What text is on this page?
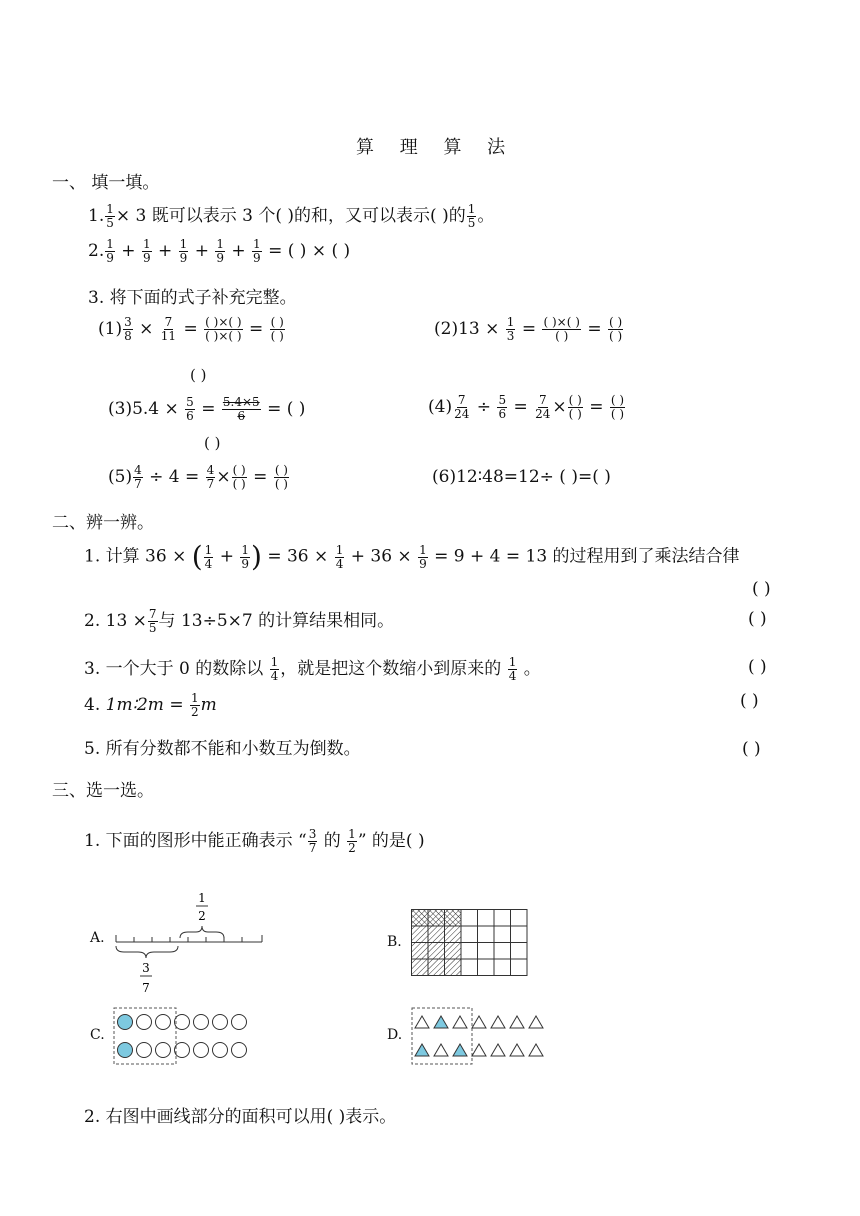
算 理 算 法
一、 填一填。
1. $\frac{1}{5} \times 3$ 既可以表示 3 个( )的和，又可以表示( )的 $\frac{1}{5}$ 。
2. $\frac{1}{9} + \frac{1}{9} + \frac{1}{9} + \frac{1}{9} + \frac{1}{9}$ = ( ) × ( )
3. 将下面的式子补充完整。
$(1) \frac{3}{8} \times \frac{7}{11} = \frac{( )\times( )}{( )\times( )} = \frac{( )}{( )}$	$(2)13 \times \frac{1}{3} = \frac{( )\times( )}{( )} = \frac{( )}{( )}$
( )
$(3)5.4 \times \frac{5}{6} = \frac{5.4\times 5}{6}$ = ( )
( )
$(4) \frac{7}{24} \div \frac{5}{6} = \frac{7}{24} \times \frac{( )}{( )} = \frac{( )}{( )}$
$(5) \frac{4}{7} \div 4 = \frac{4}{7} \times \frac{( )}{( )} = \frac{( )}{( )}$	(6)12∶48=12÷ ( )=( )
二、辨一辨。
1. 计算 36 × ( $\frac{1}{4} + \frac{1}{9}$ ) = $36 \times \frac{1}{4} + 36 \times \frac{1}{9} = 9 + 4 = 13$ 的过程用到了乘法结合律
( )
2. $13 \times \frac{7}{5}$ 与 13÷5×7 的计算结果相同。	( )
3. 一个大于 0 的数除以 $\frac{1}{4}$ ，就是把这个数缩小到原来的 $\frac{1}{4}$ 。	( )
4. 1m∶2m = $\frac{1}{2}$ m	( )
5. 所有分数都不能和小数互为倒数。	( )
三、选一选。
1. 下面的图形中能正确表示 “ $\frac{3}{7}$ 的 $\frac{1}{2}$ ” 的是( )
A.
1
2
3
7
B.
C.	D.
2. 右图中画线部分的面积可以用( )表示。
